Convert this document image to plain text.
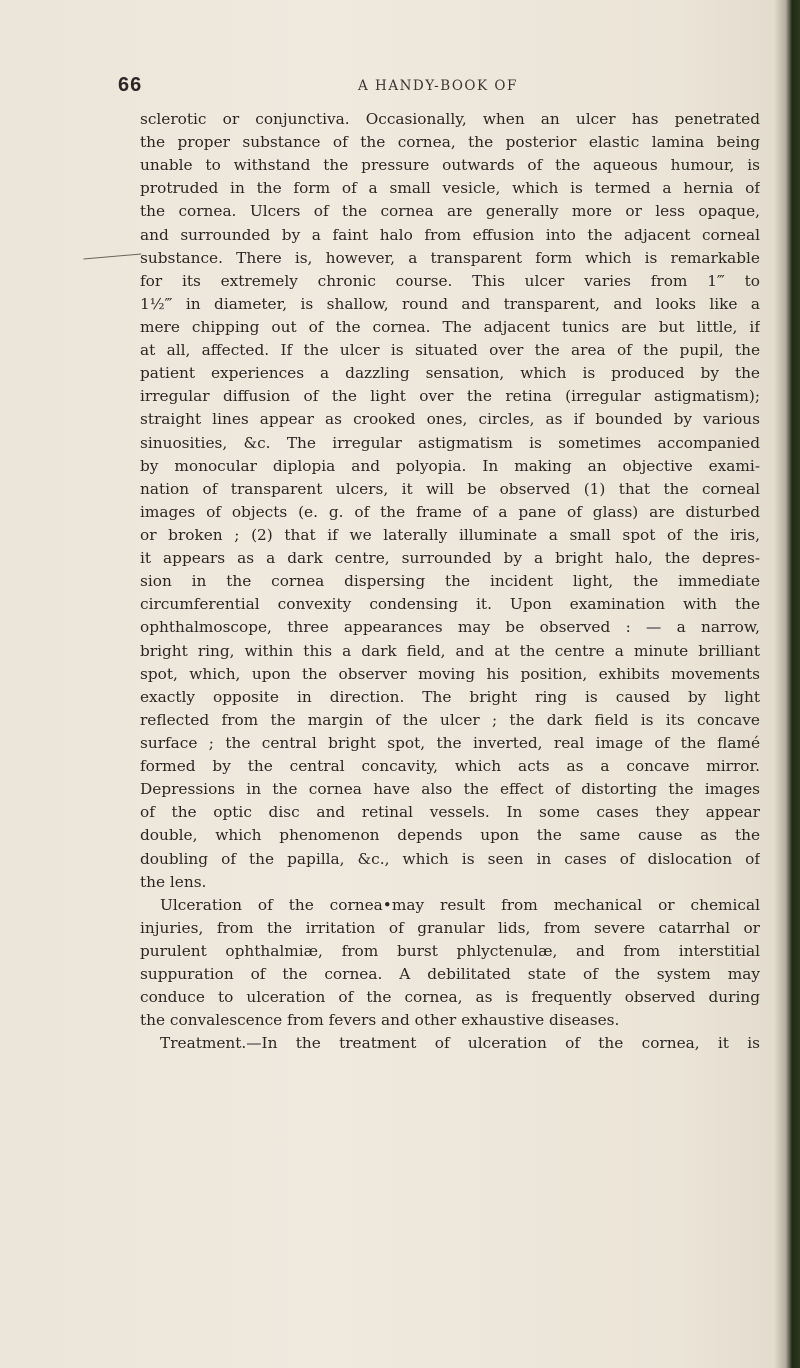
66	A HANDY-BOOK OF
sclerotic or conjunctiva. Occasionally, when an ulcer has penetrated
the proper substance of the cornea, the posterior elastic lamina being
unable to withstand the pressure outwards of the aqueous humour, is
protruded in the form of a small vesicle, which is termed a hernia of
the cornea. Ulcers of the cornea are generally more or less opaque,
and surrounded by a faint halo from effusion into the adjacent corneal
substance. There is, however, a transparent form which is remarkable
for its extremely chronic course. This ulcer varies from 1‴ to
1½‴ in diameter, is shallow, round and transparent, and looks like a
mere chipping out of the cornea. The adjacent tunics are but little, if
at all, affected. If the ulcer is situated over the area of the pupil, the
patient experiences a dazzling sensation, which is produced by the
irregular diffusion of the light over the retina (irregular astigmatism);
straight lines appear as crooked ones, circles, as if bounded by various
sinuosities, &c. The irregular astigmatism is sometimes accompanied
by monocular diplopia and polyopia. In making an objective exami-
nation of transparent ulcers, it will be observed (1) that the corneal
images of objects (e. g. of the frame of a pane of glass) are disturbed
or broken ; (2) that if we laterally illuminate a small spot of the iris,
it appears as a dark centre, surrounded by a bright halo, the depres-
sion in the cornea dispersing the incident light, the immediate
circumferential convexity condensing it. Upon examination with the
ophthalmoscope, three appearances may be observed : — a narrow,
bright ring, within this a dark field, and at the centre a minute brilliant
spot, which, upon the observer moving his position, exhibits movements
exactly opposite in direction. The bright ring is caused by light
reflected from the margin of the ulcer ; the dark field is its concave
surface ; the central bright spot, the inverted, real image of the flamé
formed by the central concavity, which acts as a concave mirror.
Depressions in the cornea have also the effect of distorting the images
of the optic disc and retinal vessels. In some cases they appear
double, which phenomenon depends upon the same cause as the
doubling of the papilla, &c., which is seen in cases of dislocation of
the lens.
Ulceration of the cornea•may result from mechanical or chemical
injuries, from the irritation of granular lids, from severe catarrhal or
purulent ophthalmiæ, from burst phlyctenulæ, and from interstitial
suppuration of the cornea. A debilitated state of the system may
conduce to ulceration of the cornea, as is frequently observed during
the convalescence from fevers and other exhaustive diseases.
Treatment.—In the treatment of ulceration of the cornea, it is
